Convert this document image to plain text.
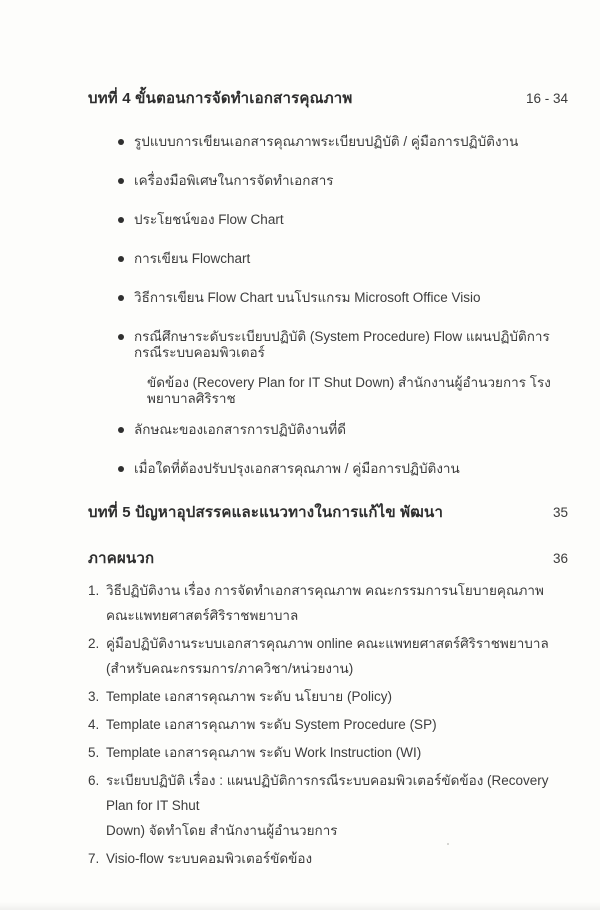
บทที่ 4 ขั้นตอนการจัดทำเอกสารคุณภาพ	16 - 34
รูปแบบการเขียนเอกสารคุณภาพระเบียบปฏิบัติ / คู่มือการปฏิบัติงาน
เครื่องมือพิเศษในการจัดทำเอกสาร
ประโยชน์ของ Flow Chart
การเขียน Flowchart
วิธีการเขียน Flow Chart บนโปรแกรม Microsoft Office Visio
กรณีศึกษาระดับระเบียบปฏิบัติ (System Procedure) Flow แผนปฏิบัติการกรณีระบบคอมพิวเตอร์
ขัดข้อง (Recovery Plan for IT Shut Down) สำนักงานผู้อำนวยการ โรงพยาบาลศิริราช
ลักษณะของเอกสารการปฏิบัติงานที่ดี
เมื่อใดที่ต้องปรับปรุงเอกสารคุณภาพ / คู่มือการปฏิบัติงาน
บทที่ 5 ปัญหาอุปสรรคและแนวทางในการแก้ไข พัฒนา	35
ภาคผนวก	36
1. วิธีปฏิบัติงาน เรื่อง การจัดทำเอกสารคุณภาพ คณะกรรมการนโยบายคุณภาพ
คณะแพทยศาสตร์ศิริราชพยาบาล
2. คู่มือปฏิบัติงานระบบเอกสารคุณภาพ online คณะแพทยศาสตร์ศิริราชพยาบาล
(สำหรับคณะกรรมการ/ภาควิชา/หน่วยงาน)
3. Template เอกสารคุณภาพ ระดับ นโยบาย (Policy)
4. Template เอกสารคุณภาพ ระดับ System Procedure (SP)
5. Template เอกสารคุณภาพ ระดับ Work Instruction (WI)
6. ระเบียบปฏิบัติ เรื่อง : แผนปฏิบัติการกรณีระบบคอมพิวเตอร์ขัดข้อง (Recovery Plan for IT Shut
Down) จัดทำโดย สำนักงานผู้อำนวยการ
7. Visio-flow ระบบคอมพิวเตอร์ขัดข้อง
